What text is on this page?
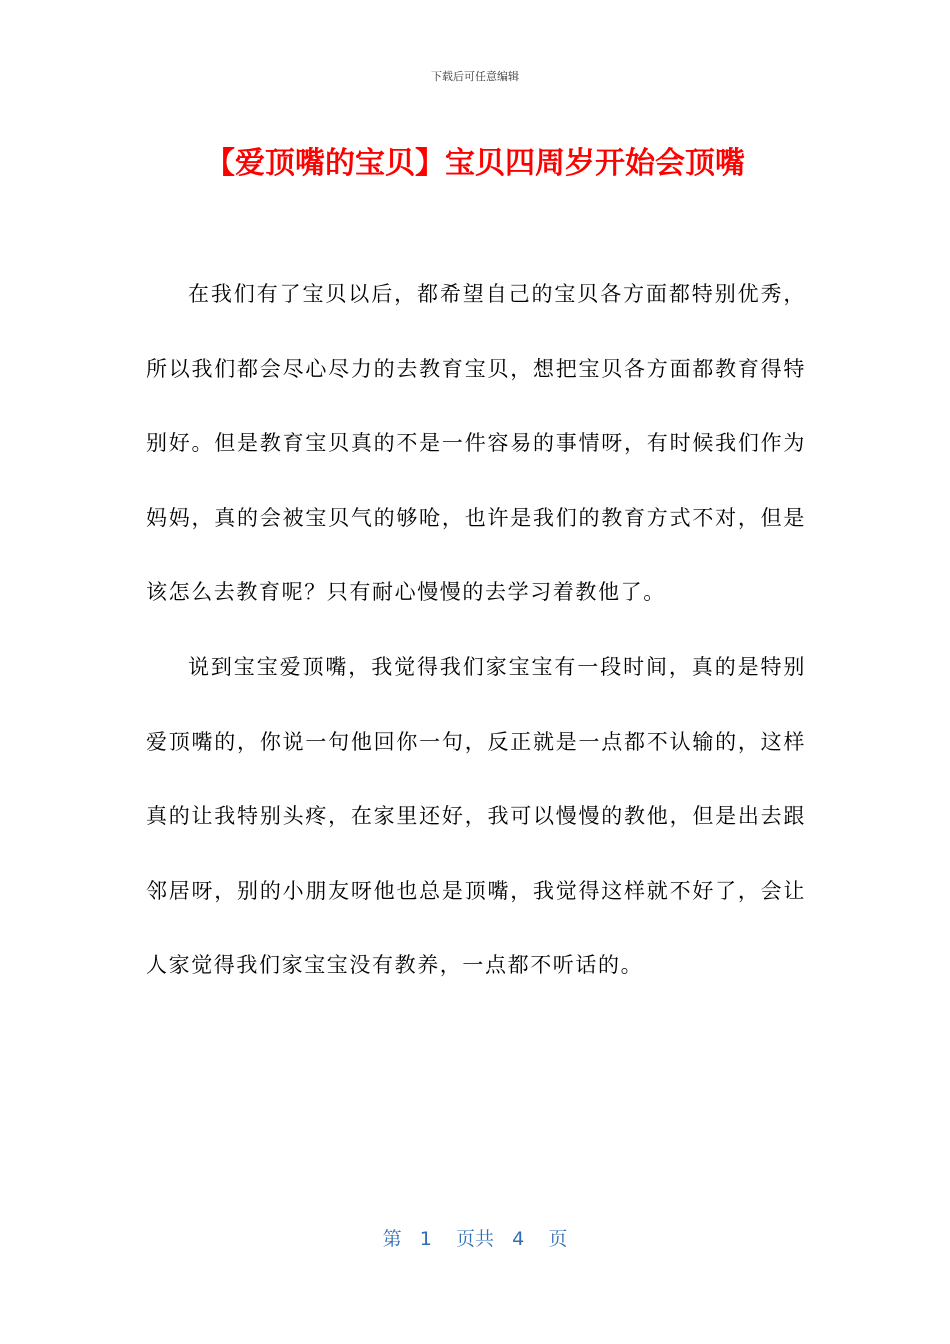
下载后可任意编辑
【爱顶嘴的宝贝】宝贝四周岁开始会顶嘴

在我们有了宝贝以后，都希望自己的宝贝各方面都特别优秀，所以我们都会尽心尽力的去教育宝贝，想把宝贝各方面都教育得特别好。但是教育宝贝真的不是一件容易的事情呀，有时候我们作为妈妈，真的会被宝贝气的够呛，也许是我们的教育方式不对，但是该怎么去教育呢？只有耐心慢慢的去学习着教他了。

说到宝宝爱顶嘴，我觉得我们家宝宝有一段时间，真的是特别爱顶嘴的，你说一句他回你一句，反正就是一点都不认输的，这样真的让我特别头疼，在家里还好，我可以慢慢的教他，但是出去跟邻居呀，别的小朋友呀他也总是顶嘴，我觉得这样就不好了，会让人家觉得我们家宝宝没有教养，一点都不听话的。

第 1 页共 4 页
